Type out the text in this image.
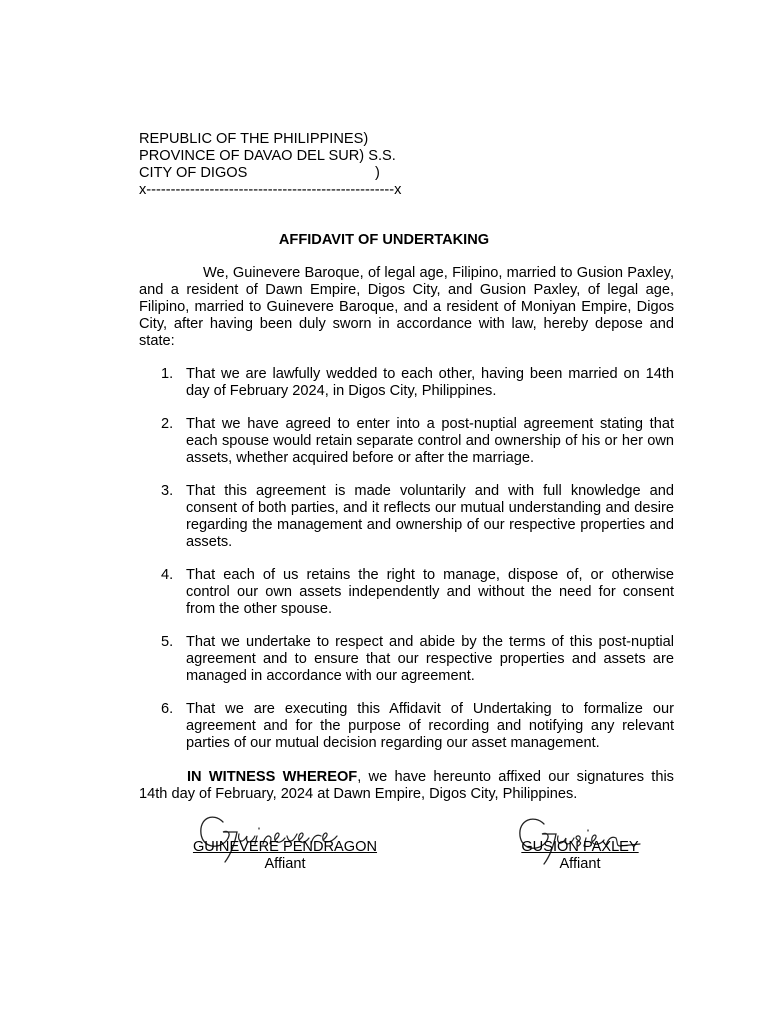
REPUBLIC OF THE PHILIPPINES)
PROVINCE OF DAVAO DEL SUR) S.S.
CITY OF DIGOS	)
x---------------------------------------------------x
AFFIDAVIT OF UNDERTAKING

We, Guinevere Baroque, of legal age, Filipino, married to Gusion Paxley, and a resident of Dawn Empire, Digos City, and Gusion Paxley, of legal age, Filipino, married to Guinevere Baroque, and a resident of Moniyan Empire, Digos City, after having been duly sworn in accordance with law, hereby depose and state:

1. That we are lawfully wedded to each other, having been married on 14th day of February 2024, in Digos City, Philippines.
2. That we have agreed to enter into a post-nuptial agreement stating that each spouse would retain separate control and ownership of his or her own assets, whether acquired before or after the marriage.
3. That this agreement is made voluntarily and with full knowledge and consent of both parties, and it reflects our mutual understanding and desire regarding the management and ownership of our respective properties and assets.
4. That each of us retains the right to manage, dispose of, or otherwise control our own assets independently and without the need for consent from the other spouse.
5. That we undertake to respect and abide by the terms of this post-nuptial agreement and to ensure that our respective properties and assets are managed in accordance with our agreement.
6. That we are executing this Affidavit of Undertaking to formalize our agreement and for the purpose of recording and notifying any relevant parties of our mutual decision regarding our asset management.

IN WITNESS WHEREOF, we have hereunto affixed our signatures this 14th day of February, 2024 at Dawn Empire, Digos City, Philippines.

GUINEVERE PENDRAGON
Affiant
GUSION PAXLEY
Affiant
